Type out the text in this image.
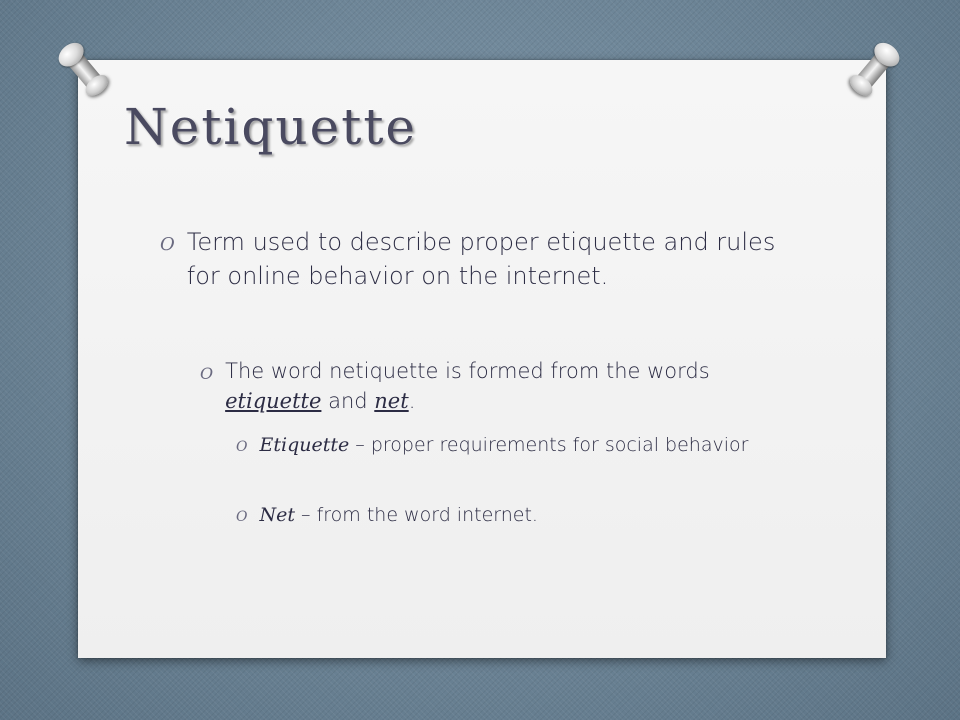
Netiquette
O Term used to describe proper etiquette and rules for online behavior on the internet.
O The word netiquette is formed from the words etiquette and net.
O Etiquette – proper requirements for social behavior
O Net – from the word internet.
